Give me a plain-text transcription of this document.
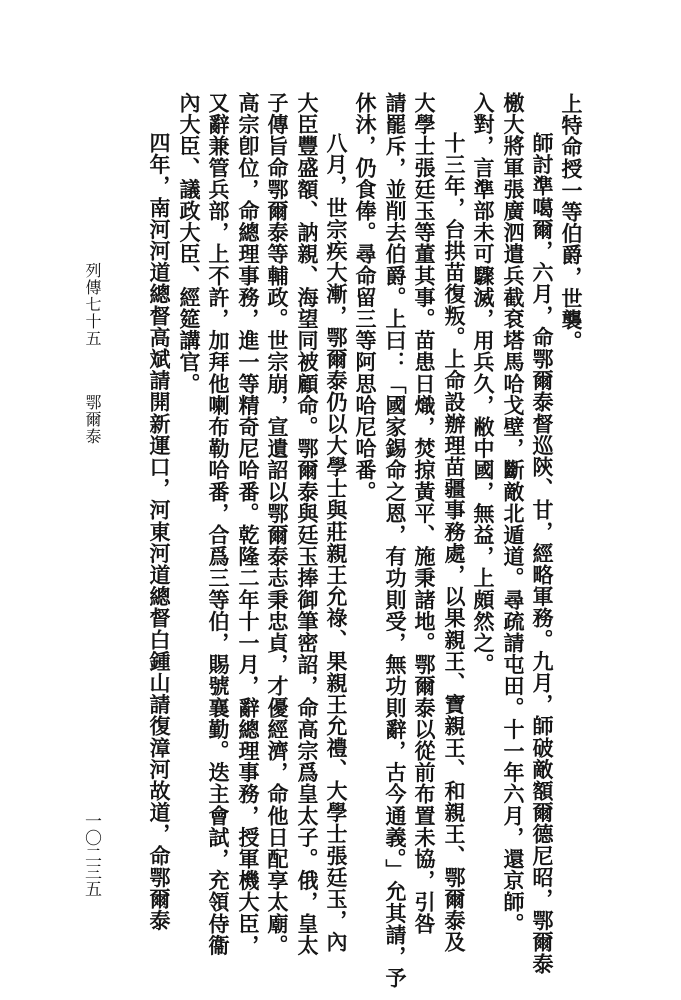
上特命授一等伯爵，世襲。
師討準噶爾，六月，命鄂爾泰督巡陝、甘，經略軍務。九月，師破敵額爾德尼昭，鄂爾泰
檄大將軍張廣泗遣兵截袞塔馬哈戈壁，斷敵北遁道。尋疏請屯田。十一年六月，還京師。
入對，言準部未可驟滅，用兵久，敝中國，無益，上頗然之。
十三年，台拱苗復叛。上命設辦理苗疆事務處，以果親王、寶親王、和親王、鄂爾泰及
大學士張廷玉等董其事。苗患日熾，焚掠黃平、施秉諸地。鄂爾泰以從前布置未協，引咎
請罷斥，並削去伯爵。上曰：「國家錫命之恩，有功則受，無功則辭，古今通義。」允其請，予
休沐，仍食俸。尋命留三等阿思哈尼哈番。
八月，世宗疾大漸，鄂爾泰仍以大學士與莊親王允祿、果親王允禮、大學士張廷玉，內
大臣豐盛額、訥親、海望同被顧命。鄂爾泰與廷玉捧御筆密詔，命高宗爲皇太子。俄，皇太
子傳旨命鄂爾泰等輔政。世宗崩，宣遺詔以鄂爾泰志秉忠貞，才優經濟，命他日配享太廟。
高宗卽位，命總理事務，進一等精奇尼哈番。乾隆二年十一月，辭總理事務，授軍機大臣，
又辭兼管兵部，上不許，加拜他喇布勒哈番，合爲三等伯，賜號襄勤。迭主會試，充領侍衞
內大臣、議政大臣、經筵講官。
四年，南河河道總督高斌請開新運口，河東河道總督白鍾山請復漳河故道，命鄂爾泰
列傳七十五
鄂爾泰
一〇二三五
